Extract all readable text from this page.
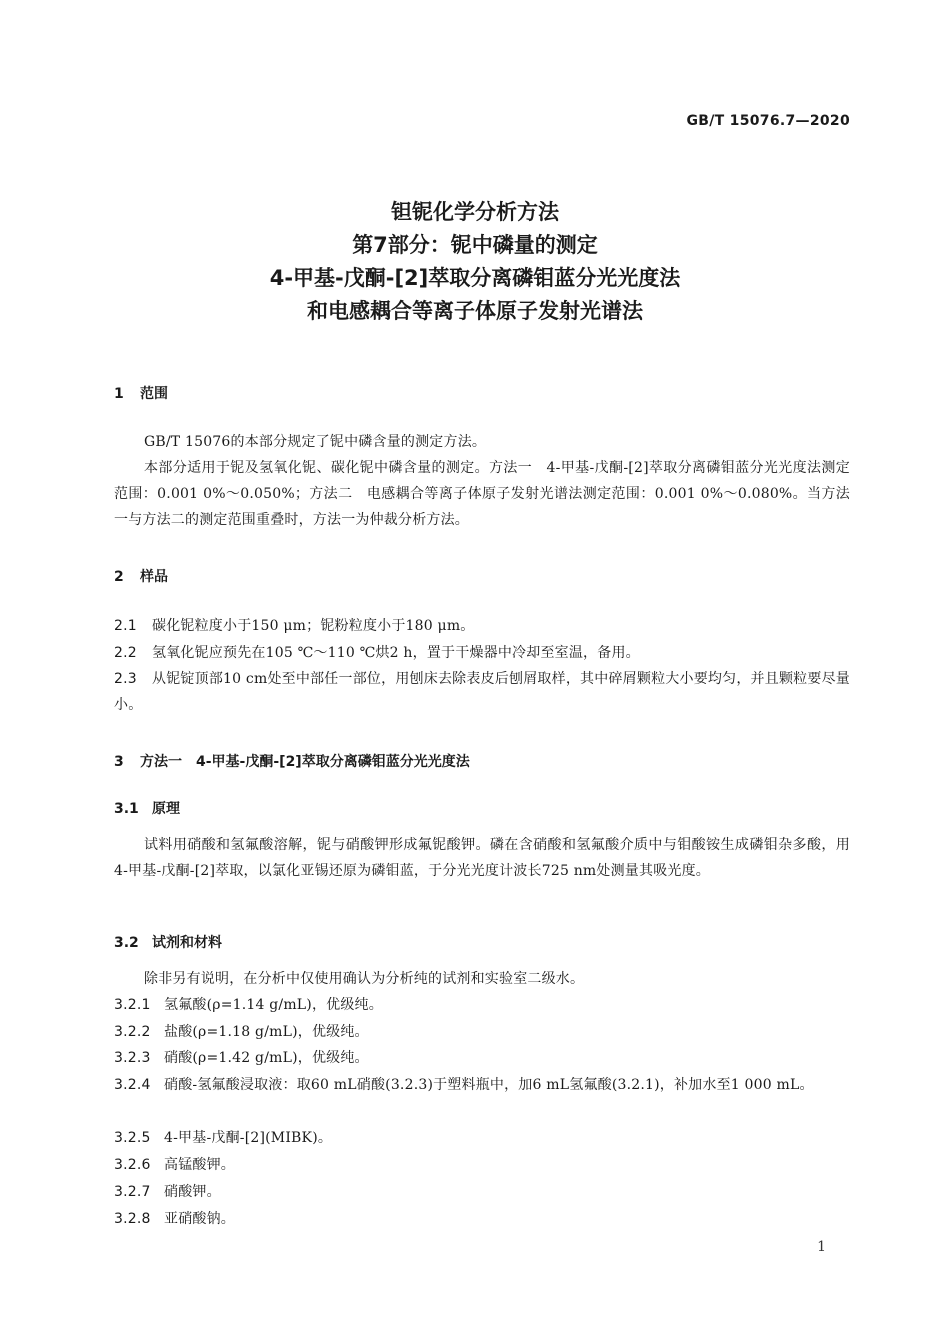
GB/T 15076.7—2020
钽铌化学分析方法
第7部分：铌中磷量的测定
4-甲基-戊酮-[2]萃取分离磷钼蓝分光光度法
和电感耦合等离子体原子发射光谱法
1 范围
GB/T 15076的本部分规定了铌中磷含量的测定方法。
本部分适用于铌及氢氧化铌、碳化铌中磷含量的测定。方法一　4-甲基-戊酮-[2]萃取分离磷钼蓝分光光度法测定范围：0.001 0%～0.050%；方法二　电感耦合等离子体原子发射光谱法测定范围：0.001 0%～0.080%。当方法一与方法二的测定范围重叠时，方法一为仲裁分析方法。
2 样品
2.1 碳化铌粒度小于150 μm；铌粉粒度小于180 μm。
2.2 氢氧化铌应预先在105 ℃～110 ℃烘2 h，置于干燥器中冷却至室温，备用。
2.3 从铌锭顶部10 cm处至中部任一部位，用刨床去除表皮后刨屑取样，其中碎屑颗粒大小要均匀，并且颗粒要尽量小。
3 方法一　4-甲基-戊酮-[2]萃取分离磷钼蓝分光光度法
3.1 原理
试料用硝酸和氢氟酸溶解，铌与硝酸钾形成氟铌酸钾。磷在含硝酸和氢氟酸介质中与钼酸铵生成磷钼杂多酸，用4-甲基-戊酮-[2]萃取，以氯化亚锡还原为磷钼蓝，于分光光度计波长725 nm处测量其吸光度。
3.2 试剂和材料
除非另有说明，在分析中仅使用确认为分析纯的试剂和实验室二级水。
3.2.1 氢氟酸(ρ=1.14 g/mL)，优级纯。
3.2.2 盐酸(ρ=1.18 g/mL)，优级纯。
3.2.3 硝酸(ρ=1.42 g/mL)，优级纯。
3.2.4 硝酸-氢氟酸浸取液：取60 mL硝酸(3.2.3)于塑料瓶中，加6 mL氢氟酸(3.2.1)，补加水至1 000 mL。
3.2.5 4-甲基-戊酮-[2](MIBK)。
3.2.6 高锰酸钾。
3.2.7 硝酸钾。
3.2.8 亚硝酸钠。
1
